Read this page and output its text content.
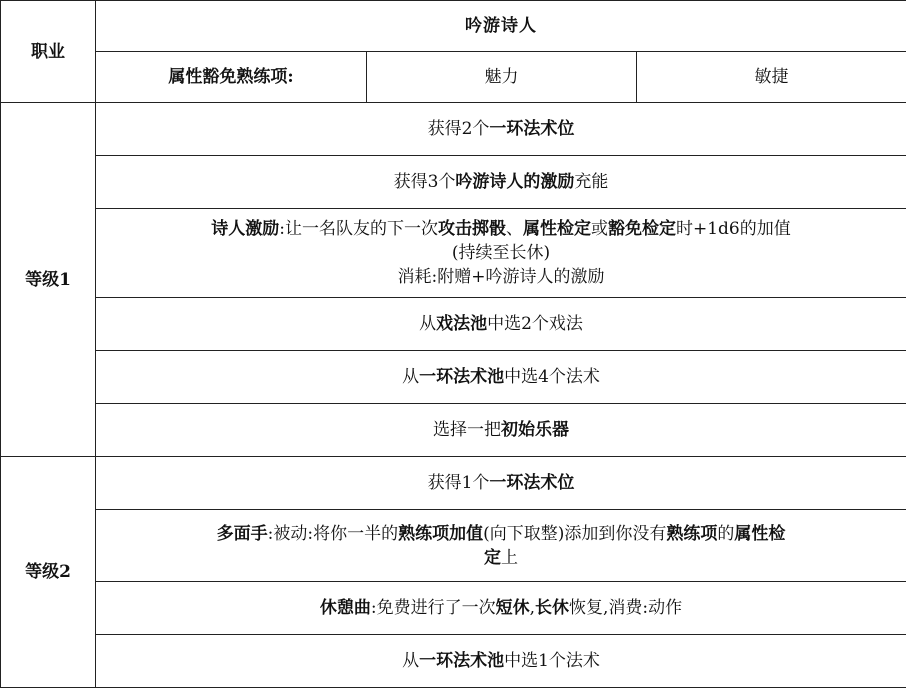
职业	吟游诗人		
	属性豁免熟练项:	魅力	敏捷
等级1	获得2个一环法术位		
	获得3个吟游诗人的激励充能		

	诗人激励:让一名队友的下一次攻击掷骰、属性检定或豁免检定时+1d6的加值
(持续至长休)
消耗:附赠+吟游诗人的激励		

	从戏法池中选2个戏法		
	从一环法术池中选4个法术		
	选择一把初始乐器		
等级2	获得1个一环法术位		

	多面手:被动:将你一半的熟练项加值(向下取整)添加到你没有熟练项的属性检
定上		

	休憩曲:免费进行了一次短休,长休恢复,消费:动作		
	从一环法术池中选1个法术		
